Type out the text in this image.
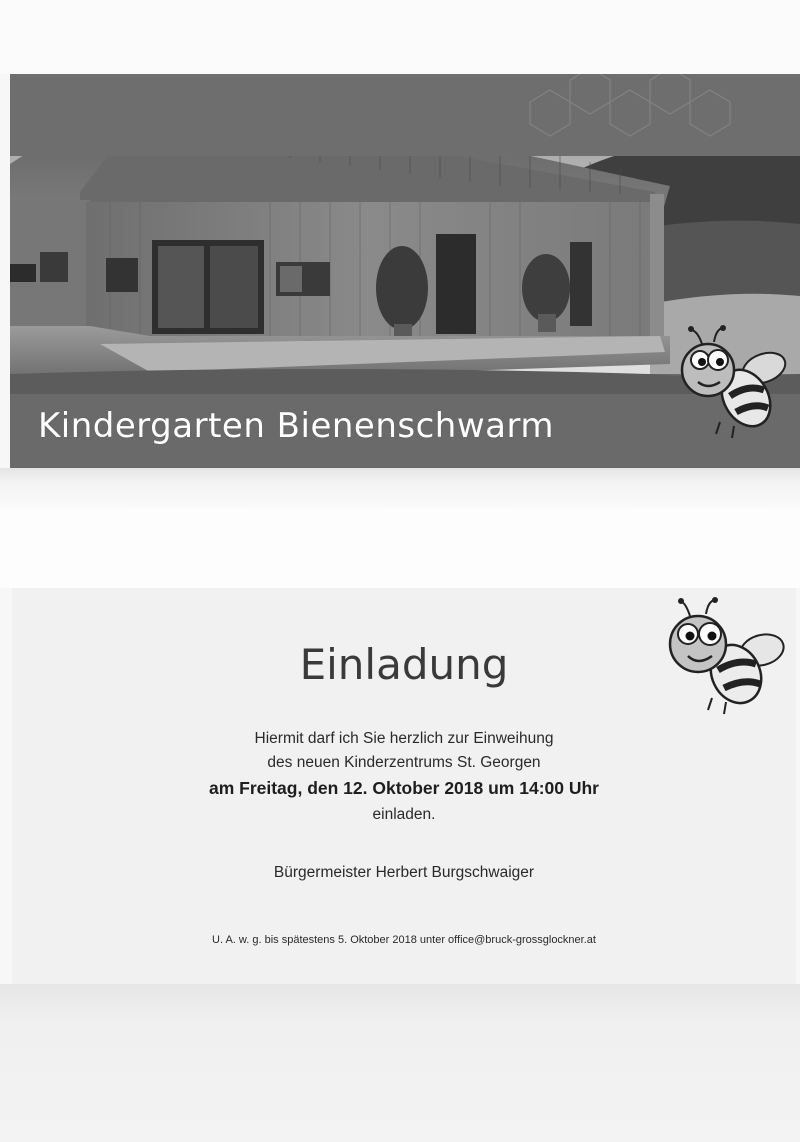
Kindergarten Bienenschwarm
Einladung
Hiermit darf ich Sie herzlich zur Einweihung
des neuen Kinderzentrums St. Georgen
am Freitag, den 12. Oktober 2018 um 14:00 Uhr
einladen.
Bürgermeister Herbert Burgschwaiger
U. A. w. g. bis spätestens 5. Oktober 2018 unter office@bruck-grossglockner.at
